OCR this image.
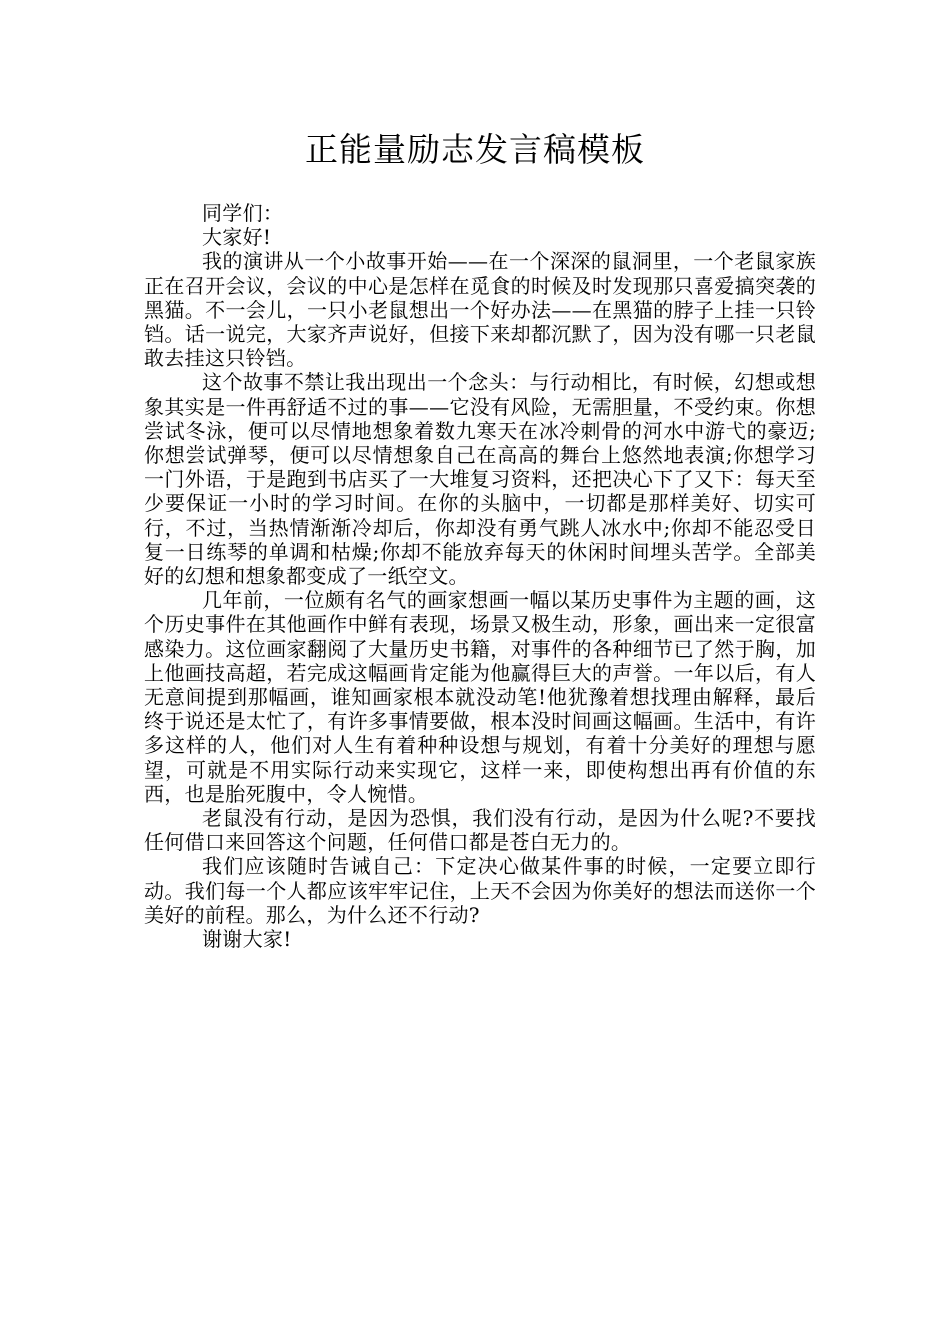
正能量励志发言稿模板

同学们：

大家好!

我的演讲从一个小故事开始——在一个深深的鼠洞里，一个老鼠家族正在召开会议，会议的中心是怎样在觅食的时候及时发现那只喜爱搞突袭的黑猫。不一会儿，一只小老鼠想出一个好办法——在黑猫的脖子上挂一只铃铛。话一说完，大家齐声说好，但接下来却都沉默了，因为没有哪一只老鼠敢去挂这只铃铛。

这个故事不禁让我出现出一个念头：与行动相比，有时候，幻想或想象其实是一件再舒适不过的事——它没有风险，无需胆量，不受约束。你想尝试冬泳，便可以尽情地想象着数九寒天在冰冷刺骨的河水中游弋的豪迈;你想尝试弹琴，便可以尽情想象自己在高高的舞台上悠然地表演;你想学习一门外语，于是跑到书店买了一大堆复习资料，还把决心下了又下：每天至少要保证一小时的学习时间。在你的头脑中，一切都是那样美好、切实可行，不过，当热情渐渐冷却后，你却没有勇气跳人冰水中;你却不能忍受日复一日练琴的单调和枯燥;你却不能放弃每天的休闲时间埋头苦学。全部美好的幻想和想象都变成了一纸空文。

几年前，一位颇有名气的画家想画一幅以某历史事件为主题的画，这个历史事件在其他画作中鲜有表现，场景又极生动，形象，画出来一定很富感染力。这位画家翻阅了大量历史书籍，对事件的各种细节已了然于胸，加上他画技高超，若完成这幅画肯定能为他赢得巨大的声誉。一年以后，有人无意间提到那幅画，谁知画家根本就没动笔!他犹豫着想找理由解释，最后终于说还是太忙了，有许多事情要做，根本没时间画这幅画。生活中，有许多这样的人，他们对人生有着种种设想与规划，有着十分美好的理想与愿望，可就是不用实际行动来实现它，这样一来，即使构想出再有价值的东西，也是胎死腹中，令人惋惜。

老鼠没有行动，是因为恐惧，我们没有行动，是因为什么呢?不要找任何借口来回答这个问题，任何借口都是苍白无力的。

我们应该随时告诫自己：下定决心做某件事的时候，一定要立即行动。我们每一个人都应该牢牢记住，上天不会因为你美好的想法而送你一个美好的前程。那么，为什么还不行动?

谢谢大家!
